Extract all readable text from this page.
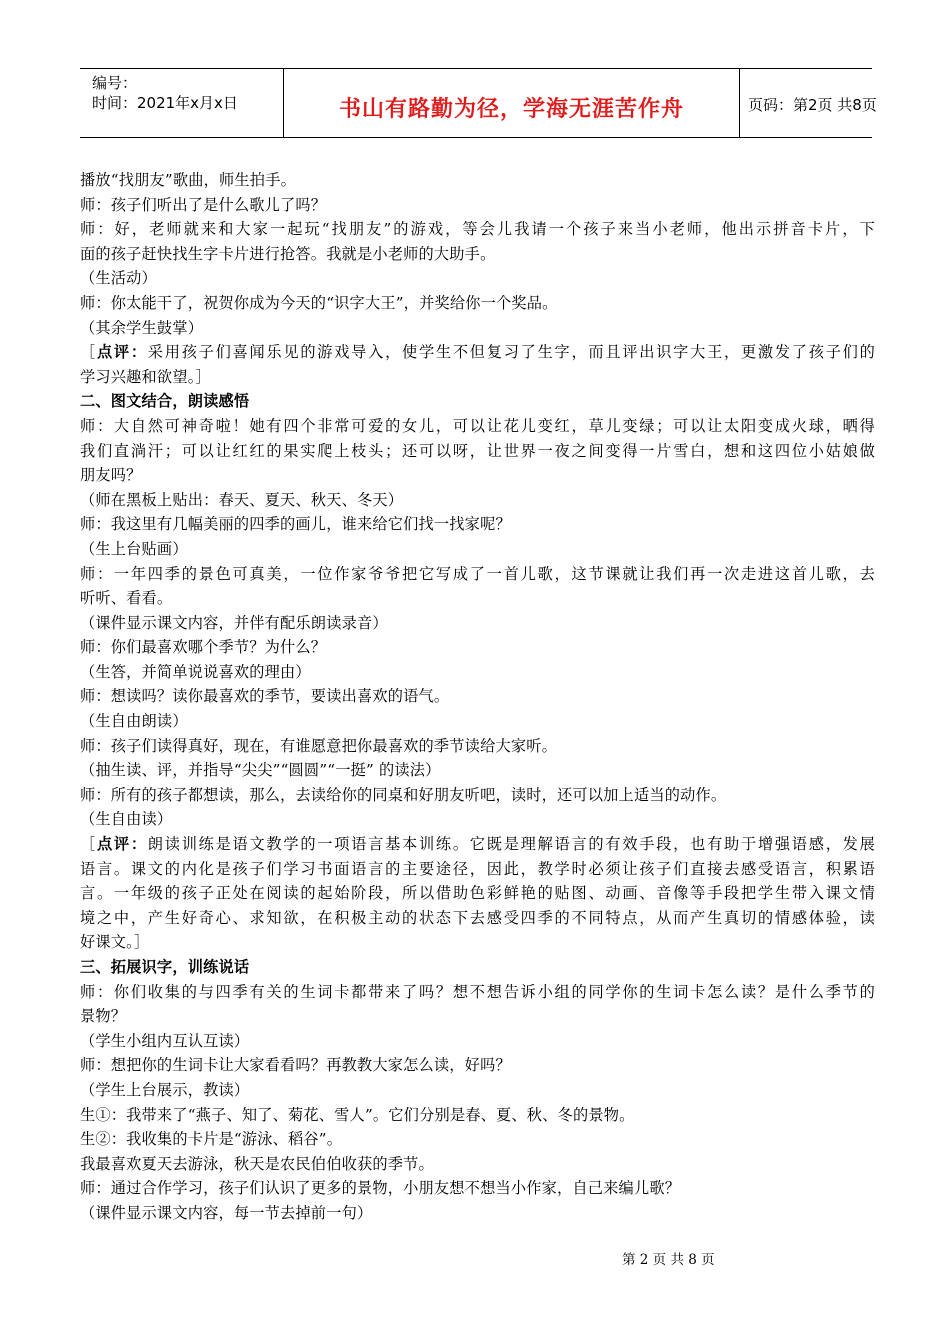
编号：
时间：2021年x月x日	书山有路勤为径，学海无涯苦作舟	页码：第2页 共8页
播放“找朋友”歌曲，师生拍手。
师：孩子们听出了是什么歌儿了吗？
师：好，老师就来和大家一起玩“找朋友”的游戏，等会儿我请一个孩子来当小老师，他出示拼音卡片，下
面的孩子赶快找生字卡片进行抢答。我就是小老师的大助手。
（生活动）
师：你太能干了，祝贺你成为今天的“识字大王”，并奖给你一个奖品。
（其余学生鼓掌）
［点评：采用孩子们喜闻乐见的游戏导入，使学生不但复习了生字，而且评出识字大王，更激发了孩子们的
学习兴趣和欲望。］
二、图文结合，朗读感悟
师：大自然可神奇啦！她有四个非常可爱的女儿，可以让花儿变红，草儿变绿；可以让太阳变成火球，晒得
我们直淌汗；可以让红红的果实爬上枝头；还可以呀，让世界一夜之间变得一片雪白，想和这四位小姑娘做
朋友吗？
（师在黑板上贴出：春天、夏天、秋天、冬天）
师：我这里有几幅美丽的四季的画儿，谁来给它们找一找家呢？
（生上台贴画）
师：一年四季的景色可真美，一位作家爷爷把它写成了一首儿歌，这节课就让我们再一次走进这首儿歌，去
听听、看看。
（课件显示课文内容，并伴有配乐朗读录音）
师：你们最喜欢哪个季节？为什么？
（生答，并简单说说喜欢的理由）
师：想读吗？读你最喜欢的季节，要读出喜欢的语气。
（生自由朗读）
师：孩子们读得真好，现在，有谁愿意把你最喜欢的季节读给大家听。
（抽生读、评，并指导“尖尖”“圆圆”“一挺” 的读法）
师：所有的孩子都想读，那么，去读给你的同桌和好朋友听吧，读时，还可以加上适当的动作。
（生自由读）
［点评：朗读训练是语文教学的一项语言基本训练。它既是理解语言的有效手段，也有助于增强语感，发展
语言。课文的内化是孩子们学习书面语言的主要途径，因此，教学时必须让孩子们直接去感受语言，积累语
言。一年级的孩子正处在阅读的起始阶段，所以借助色彩鲜艳的贴图、动画、音像等手段把学生带入课文情
境之中，产生好奇心、求知欲，在积极主动的状态下去感受四季的不同特点，从而产生真切的情感体验，读
好课文。］
三、拓展识字，训练说话
师：你们收集的与四季有关的生词卡都带来了吗？想不想告诉小组的同学你的生词卡怎么读？是什么季节的
景物？
（学生小组内互认互读）
师：想把你的生词卡让大家看看吗？再教教大家怎么读，好吗？
（学生上台展示，教读）
生①：我带来了“燕子、知了、菊花、雪人”。它们分别是春、夏、秋、冬的景物。
生②：我收集的卡片是“游泳、稻谷”。
我最喜欢夏天去游泳，秋天是农民伯伯收获的季节。
师：通过合作学习，孩子们认识了更多的景物，小朋友想不想当小作家，自己来编儿歌？
（课件显示课文内容，每一节去掉前一句）
第 2 页 共 8 页
